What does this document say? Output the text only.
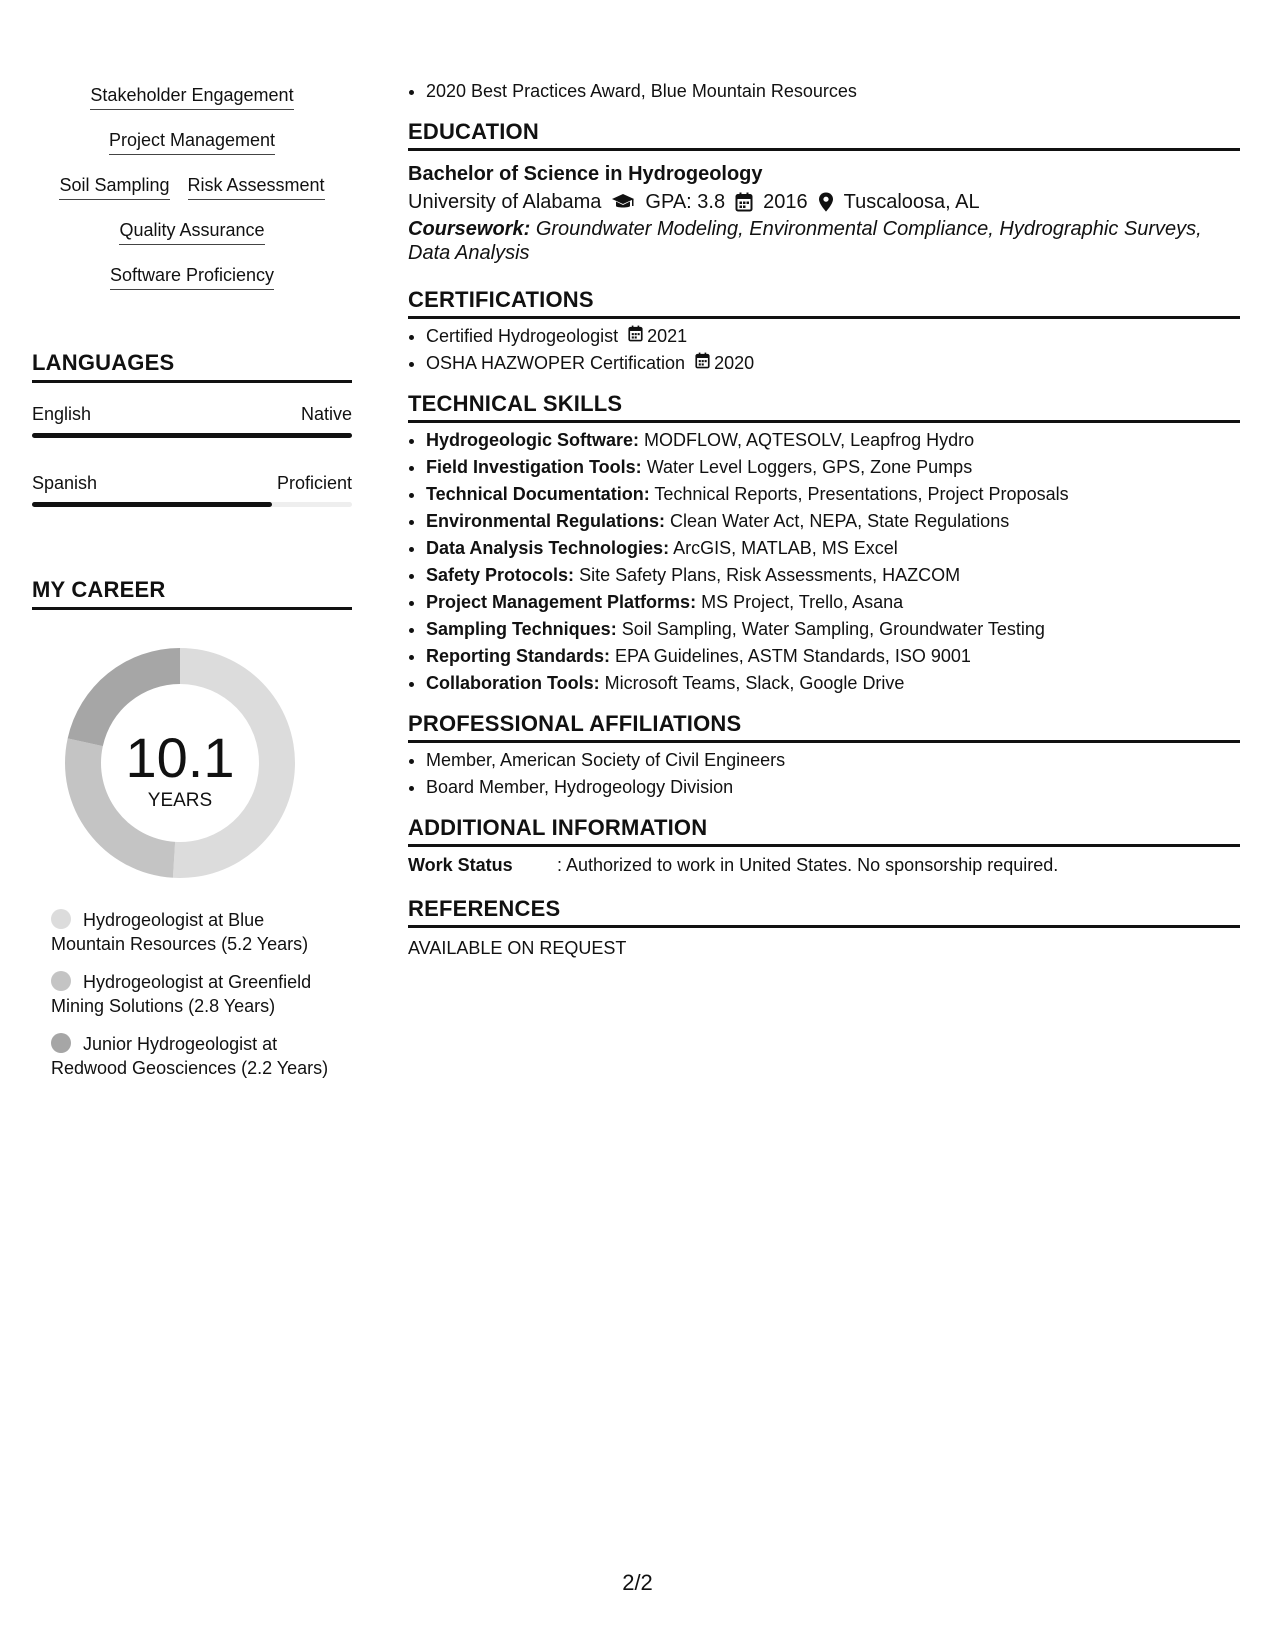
Stakeholder Engagement
Project Management
Soil Sampling Risk Assessment
Quality Assurance
Software Proficiency
LANGUAGES
English	Native
Spanish	Proficient
MY CAREER
10.1
YEARS
Hydrogeologist at Blue Mountain Resources (5.2 Years)
Hydrogeologist at Greenfield Mining Solutions (2.8 Years)
Junior Hydrogeologist at Redwood Geosciences (2.2 Years)
• 2020 Best Practices Award, Blue Mountain Resources
EDUCATION
Bachelor of Science in Hydrogeology
University of Alabama GPA: 3.8 2016 Tuscaloosa, AL
Coursework: Groundwater Modeling, Environmental Compliance, Hydrographic Surveys, Data Analysis
CERTIFICATIONS
• Certified Hydrogeologist 2021
• OSHA HAZWOPER Certification 2020
TECHNICAL SKILLS
• Hydrogeologic Software: MODFLOW, AQTESOLV, Leapfrog Hydro
• Field Investigation Tools: Water Level Loggers, GPS, Zone Pumps
• Technical Documentation: Technical Reports, Presentations, Project Proposals
• Environmental Regulations: Clean Water Act, NEPA, State Regulations
• Data Analysis Technologies: ArcGIS, MATLAB, MS Excel
• Safety Protocols: Site Safety Plans, Risk Assessments, HAZCOM
• Project Management Platforms: MS Project, Trello, Asana
• Sampling Techniques: Soil Sampling, Water Sampling, Groundwater Testing
• Reporting Standards: EPA Guidelines, ASTM Standards, ISO 9001
• Collaboration Tools: Microsoft Teams, Slack, Google Drive
PROFESSIONAL AFFILIATIONS
• Member, American Society of Civil Engineers
• Board Member, Hydrogeology Division
ADDITIONAL INFORMATION
Work Status	: Authorized to work in United States. No sponsorship required.
REFERENCES
AVAILABLE ON REQUEST
2/2
